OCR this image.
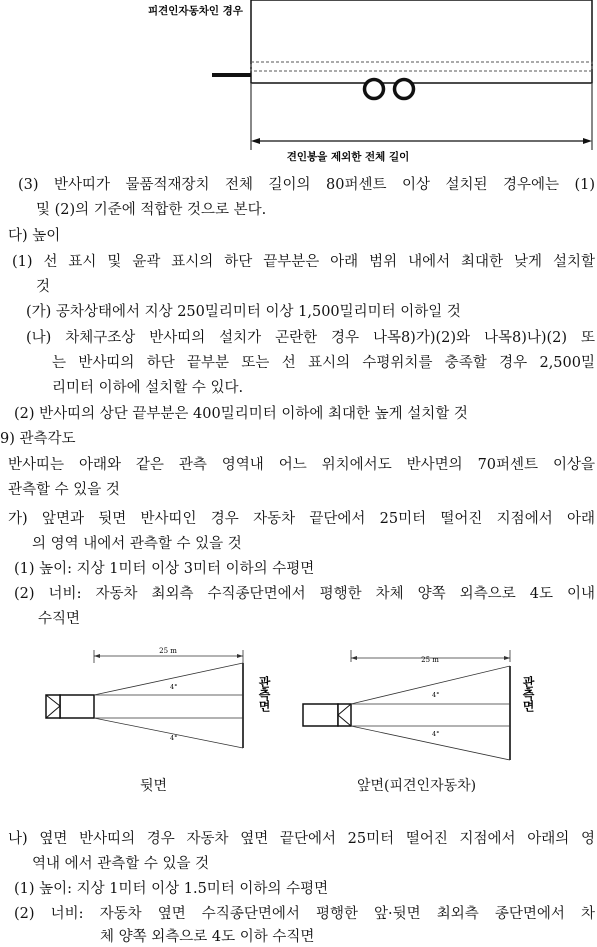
피견인자동차인 경우
견인봉을 제외한 전체 길이
(3) 반사띠가 물품적재장치 전체 길이의 80퍼센트 이상 설치된 경우에는 (1)
및 (2)의 기준에 적합한 것으로 본다.
다) 높이
(1) 선 표시 및 윤곽 표시의 하단 끝부분은 아래 범위 내에서 최대한 낮게 설치할
것
(가) 공차상태에서 지상 250밀리미터 이상 1,500밀리미터 이하일 것
(나) 차체구조상 반사띠의 설치가 곤란한 경우 나목8)가)(2)와 나목8)나)(2) 또
는 반사띠의 하단 끝부분 또는 선 표시의 수평위치를 충족할 경우 2,500밀
리미터 이하에 설치할 수 있다.
(2) 반사띠의 상단 끝부분은 400밀리미터 이하에 최대한 높게 설치할 것
9) 관측각도
반사띠는 아래와 같은 관측 영역내 어느 위치에서도 반사면의 70퍼센트 이상을
관측할 수 있을 것
가) 앞면과 뒷면 반사띠인 경우 자동차 끝단에서 25미터 떨어진 지점에서 아래
의 영역 내에서 관측할 수 있을 것
(1) 높이: 지상 1미터 이상 3미터 이하의 수평면
(2) 너비: 자동차 최외측 수직종단면에서 평행한 차체 양쪽 외측으로 4도 이내
수직면
25 m
4°
4°
관측면
뒷면
25 m
4°
4°
관측면
앞면(피견인자동차)
나) 옆면 반사띠의 경우 자동차 옆면 끝단에서 25미터 떨어진 지점에서 아래의 영
역내 에서 관측할 수 있을 것
(1) 높이: 지상 1미터 이상 1.5미터 이하의 수평면
(2) 너비: 자동차 옆면 수직종단면에서 평행한 앞·뒷면 최외측 종단면에서 차
체 양쪽 외측으로 4도 이하 수직면
